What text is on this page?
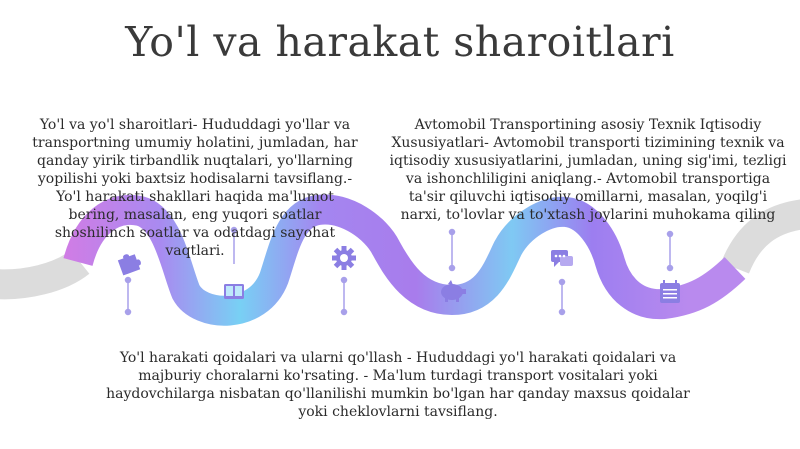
Yo'l va harakat sharoitlari
Yo'l va yo'l sharoitlari- Hududdagi yo'llar va transportning umumiy holatini, jumladan, har qanday yirik tirbandlik nuqtalari, yo'llarning yopilishi yoki baxtsiz hodisalarni tavsiflang.- Yo'l harakati shakllari haqida ma'lumot bering, masalan, eng yuqori soatlar shoshilinch soatlar va odatdagi sayohat vaqtlari.
Avtomobil Transportining asosiy Texnik Iqtisodiy Xususiyatlari- Avtomobil transporti tizimining texnik va iqtisodiy xususiyatlarini, jumladan, uning sig'imi, tezligi va ishonchliligini aniqlang.- Avtomobil transportiga ta'sir qiluvchi iqtisodiy omillarni, masalan, yoqilg'i narxi, to'lovlar va to'xtash joylarini muhokama qiling
Yo'l harakati qoidalari va ularni qo'llash - Hududdagi yo'l harakati qoidalari va majburiy choralarni ko'rsating. - Ma'lum turdagi transport vositalari yoki haydovchilarga nisbatan qo'llanilishi mumkin bo'lgan har qanday maxsus qoidalar yoki cheklovlarni tavsiflang.
